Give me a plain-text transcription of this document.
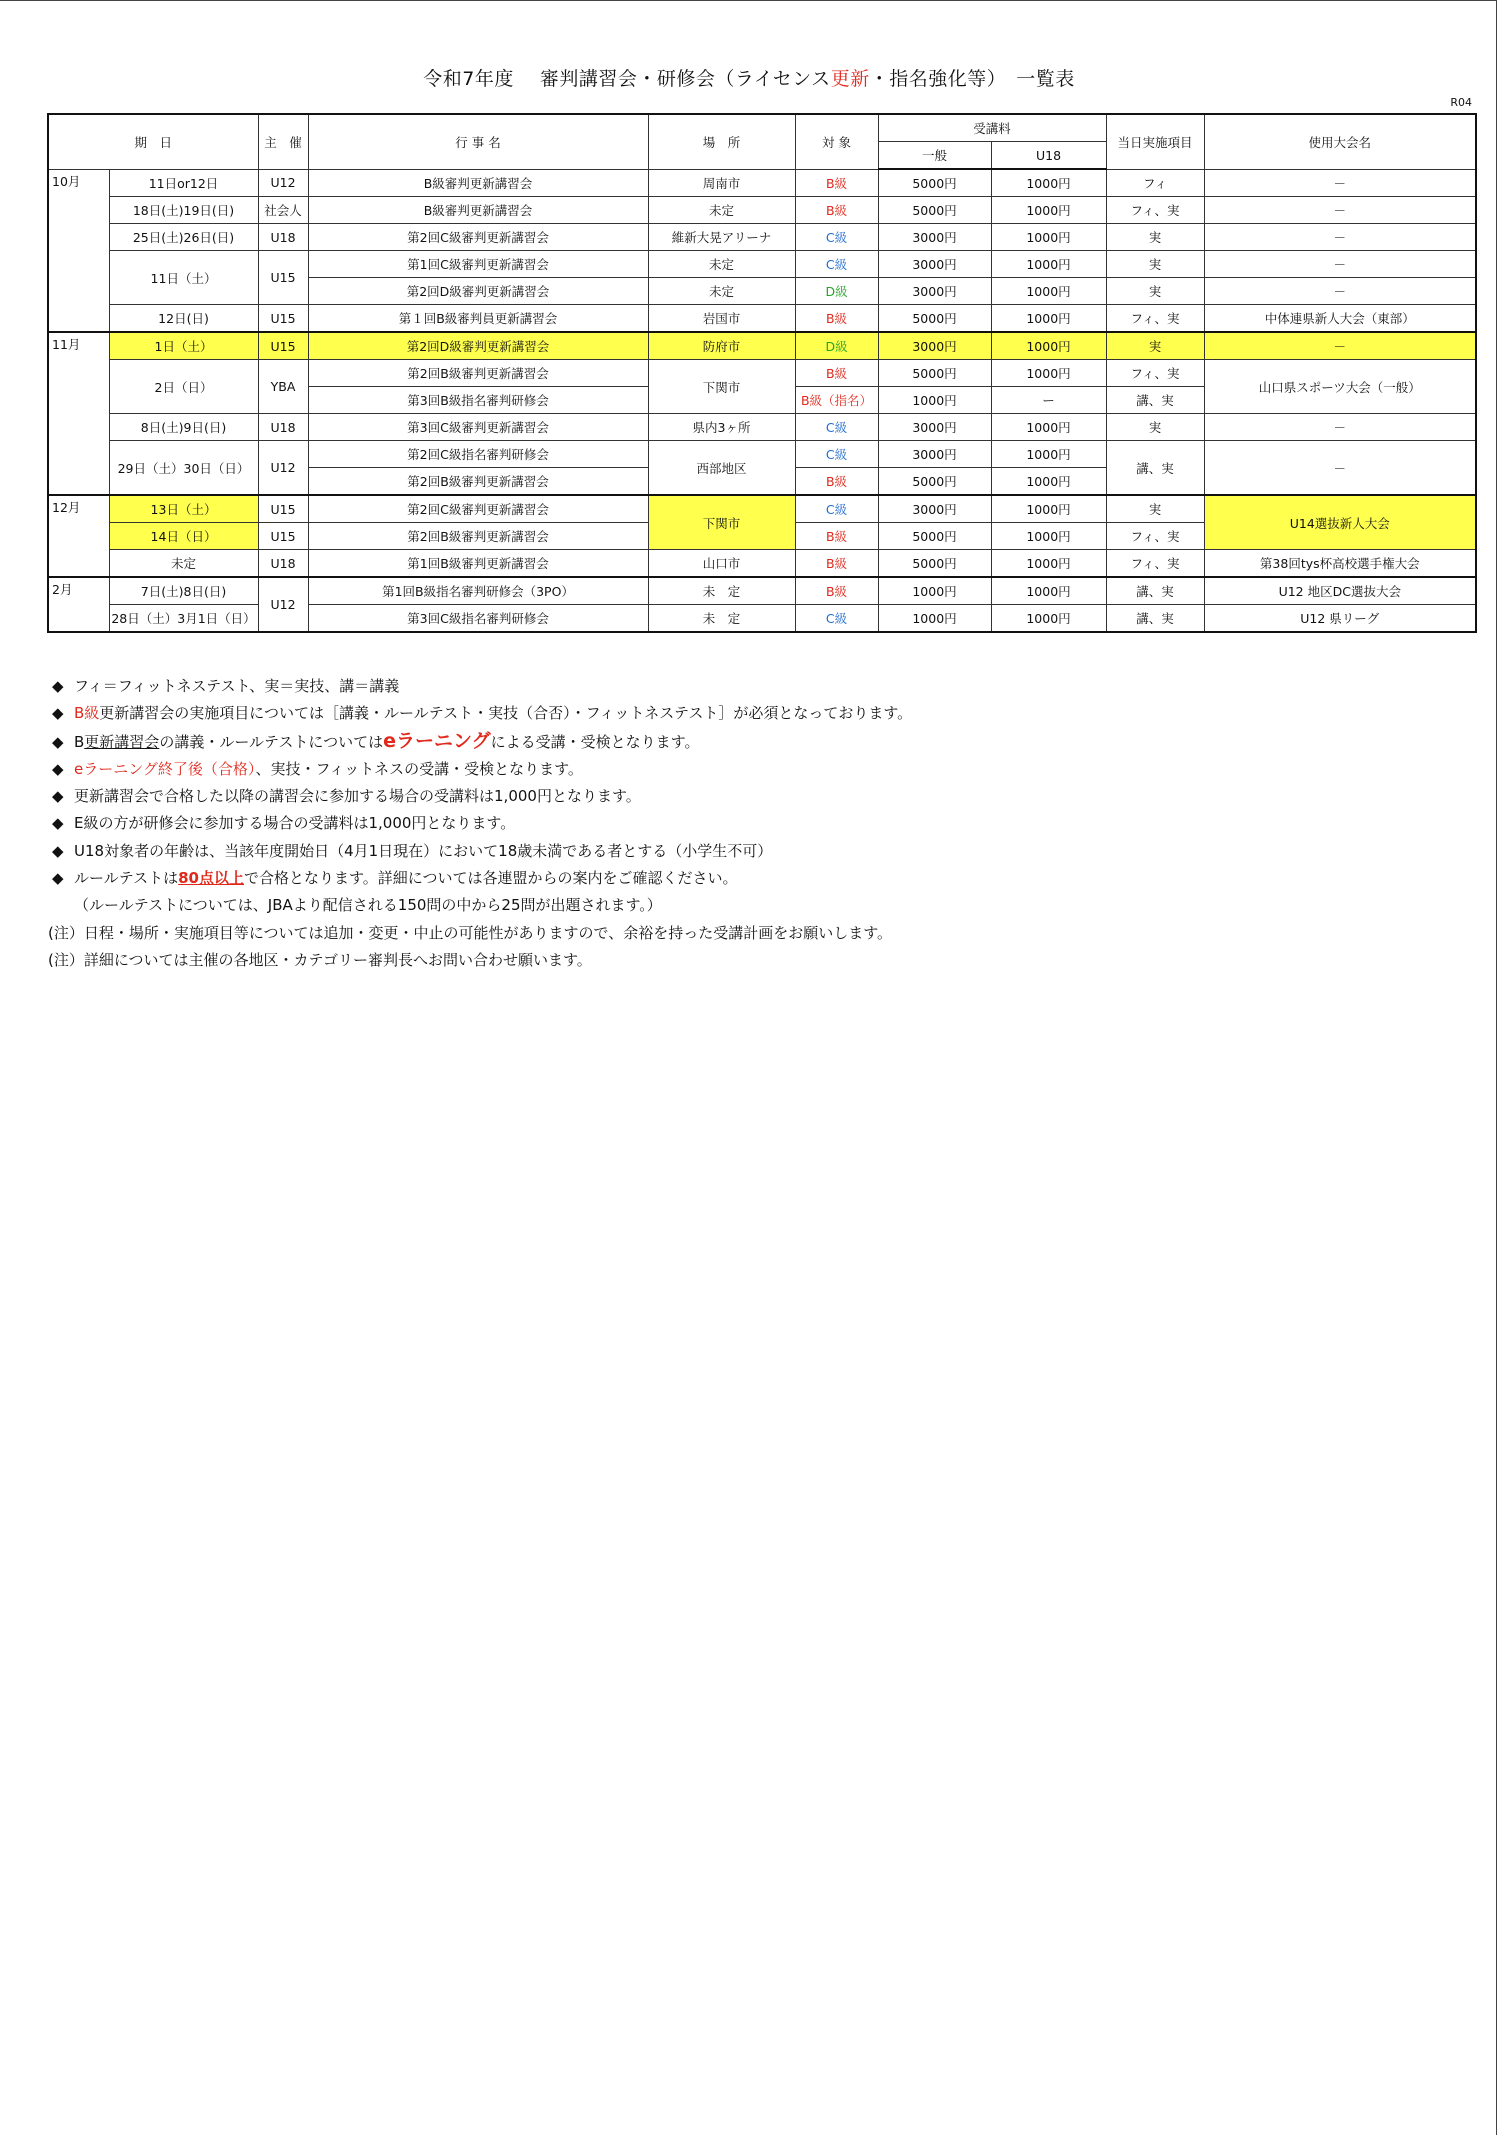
令和7年度　 審判講習会・研修会（ライセンス更新・指名強化等）　一覧表
R04
期　日		主　催	行 事 名	場　所	対 象	受講料		当日実施項目	使用大会名
						一般	U18		
10月	11日or12日	U12	B級審判更新講習会	周南市	B級	5000円	1000円	フィ	－
	18日(土)19日(日)	社会人	B級審判更新講習会	未定	B級	5000円	1000円	フィ、実	－
	25日(土)26日(日)	U18	第2回C級審判更新講習会	維新大晃アリーナ	C級	3000円	1000円	実	－
	11日（土）	U15	第1回C級審判更新講習会	未定	C級	3000円	1000円	実	－
			第2回D級審判更新講習会	未定	D級	3000円	1000円	実	－
	12日(日)	U15	第１回B級審判員更新講習会	岩国市	B級	5000円	1000円	フィ、実	中体連県新人大会（東部）
11月	1日（土）	U15	第2回D級審判更新講習会	防府市	D級	3000円	1000円	実	－
	2日（日）	YBA	第2回B級審判更新講習会	下関市	B級	5000円	1000円	フィ、実	山口県スポーツ大会（一般）
			第3回B級指名審判研修会		B級（指名）	1000円	ー	講、実	
	8日(土)9日(日)	U18	第3回C級審判更新講習会	県内3ヶ所	C級	3000円	1000円	実	－
	29日（土）30日（日）	U12	第2回C級指名審判研修会	西部地区	C級	3000円	1000円	講、実	－
			第2回B級審判更新講習会		B級	5000円	1000円		
12月	13日（土）	U15	第2回C級審判更新講習会	下関市	C級	3000円	1000円	実	U14選抜新人大会
	14日（日）	U15	第2回B級審判更新講習会		B級	5000円	1000円	フィ、実	
	未定	U18	第1回B級審判更新講習会	山口市	B級	5000円	1000円	フィ、実	第38回tys杯高校選手権大会
2月	7日(土)8日(日)	U12	第1回B級指名審判研修会（3PO）	未　定	B級	1000円	1000円	講、実	U12 地区DC選抜大会
	28日（土）3月1日（日）		第3回C級指名審判研修会	未　定	C級	1000円	1000円	講、実	U12 県リーグ
◆ フィ＝フィットネステスト、実＝実技、講＝講義
◆ B級更新講習会の実施項目については［講義・ルールテスト・実技（合否）・フィットネステスト］が必須となっております。
◆ B更新講習会の講義・ルールテストについてはeラーニングによる受講・受検となります。
◆ eラーニング終了後（合格）、実技・フィットネスの受講・受検となります。
◆ 更新講習会で合格した以降の講習会に参加する場合の受講料は1,000円となります。
◆ E級の方が研修会に参加する場合の受講料は1,000円となります。
◆ U18対象者の年齢は、当該年度開始日（4月1日現在）において18歳未満である者とする（小学生不可）
◆ ルールテストは80点以上で合格となります。詳細については各連盟からの案内をご確認ください。
（ルールテストについては、JBAより配信される150問の中から25問が出題されます。）
(注）日程・場所・実施項目等については追加・変更・中止の可能性がありますので、余裕を持った受講計画をお願いします。
(注）詳細については主催の各地区・カテゴリー審判長へお問い合わせ願います。
